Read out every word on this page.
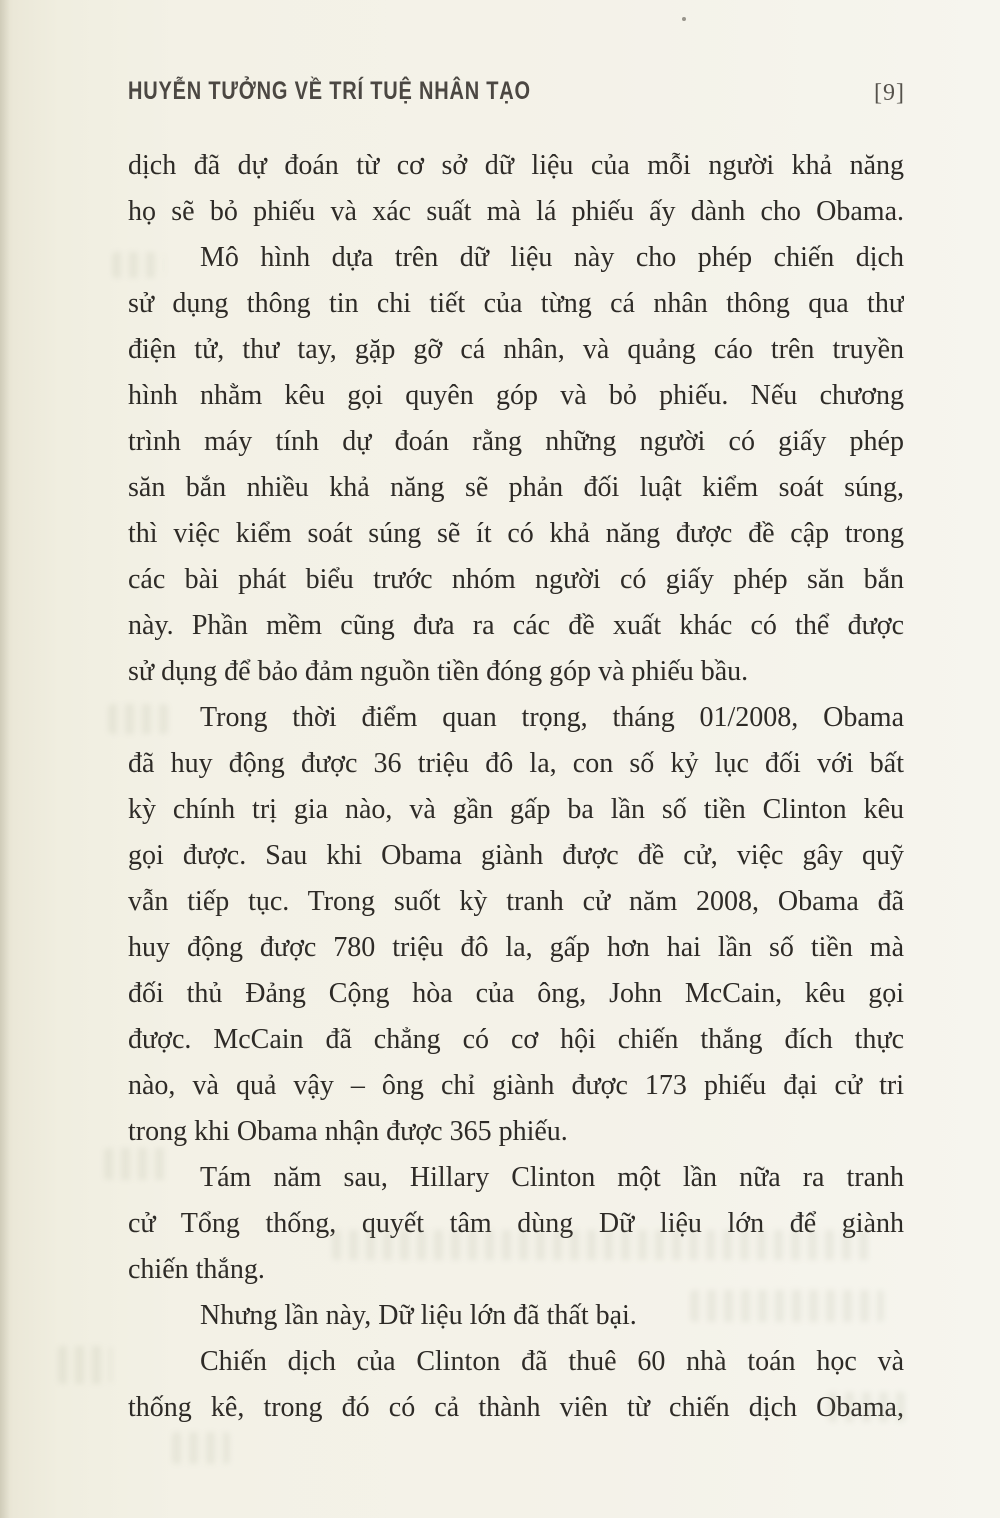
HUYỄN TƯỞNG VỀ TRÍ TUỆ NHÂN TẠO	[9]
dịch đã dự đoán từ cơ sở dữ liệu của mỗi người khả năng
họ sẽ bỏ phiếu và xác suất mà lá phiếu ấy dành cho Obama.
Mô hình dựa trên dữ liệu này cho phép chiến dịch
sử dụng thông tin chi tiết của từng cá nhân thông qua thư
điện tử, thư tay, gặp gỡ cá nhân, và quảng cáo trên truyền
hình nhằm kêu gọi quyên góp và bỏ phiếu. Nếu chương
trình máy tính dự đoán rằng những người có giấy phép
săn bắn nhiều khả năng sẽ phản đối luật kiểm soát súng,
thì việc kiểm soát súng sẽ ít có khả năng được đề cập trong
các bài phát biểu trước nhóm người có giấy phép săn bắn
này. Phần mềm cũng đưa ra các đề xuất khác có thể được
sử dụng để bảo đảm nguồn tiền đóng góp và phiếu bầu.
Trong thời điểm quan trọng, tháng 01/2008, Obama
đã huy động được 36 triệu đô la, con số kỷ lục đối với bất
kỳ chính trị gia nào, và gần gấp ba lần số tiền Clinton kêu
gọi được. Sau khi Obama giành được đề cử, việc gây quỹ
vẫn tiếp tục. Trong suốt kỳ tranh cử năm 2008, Obama đã
huy động được 780 triệu đô la, gấp hơn hai lần số tiền mà
đối thủ Đảng Cộng hòa của ông, John McCain, kêu gọi
được. McCain đã chẳng có cơ hội chiến thắng đích thực
nào, và quả vậy – ông chỉ giành được 173 phiếu đại cử tri
trong khi Obama nhận được 365 phiếu.
Tám năm sau, Hillary Clinton một lần nữa ra tranh
cử Tổng thống, quyết tâm dùng Dữ liệu lớn để giành
chiến thắng.
Nhưng lần này, Dữ liệu lớn đã thất bại.
Chiến dịch của Clinton đã thuê 60 nhà toán học và
thống kê, trong đó có cả thành viên từ chiến dịch Obama,
